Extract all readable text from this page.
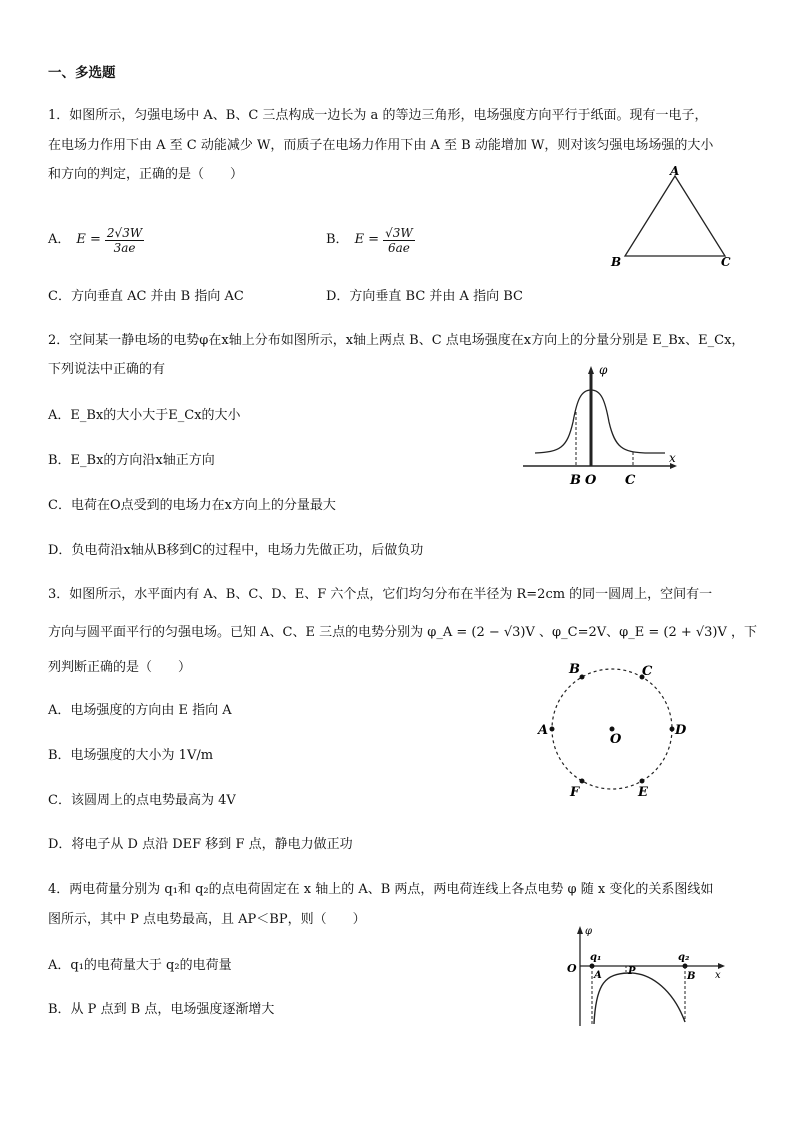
一、多选题
1．如图所示，匀强电场中 A、B、C 三点构成一边长为 a 的等边三角形，电场强度方向平行于纸面。现有一电子，
在电场力作用下由 A 至 C 动能减少 W，而质子在电场力作用下由 A 至 B 动能增加 W，则对该匀强电场场强的大小
和方向的判定，正确的是（　　）
A． $E = \frac{2√3W}{3ae}$	B． $E = \frac{√3W}{6ae}$
C．方向垂直 AC 并由 B 指向 AC	D．方向垂直 BC 并由 A 指向 BC
A
B	C
2．空间某一静电场的电势φ在x轴上分布如图所示，x轴上两点 B、C 点电场强度在x方向上的分量分别是 E_Bx、E_Cx，
下列说法中正确的有
A．E_Bx的大小大于E_Cx的大小
B．E_Bx的方向沿x轴正方向
C．电荷在O点受到的电场力在x方向上的分量最大
D．负电荷沿x轴从B移到C的过程中，电场力先做正功，后做负功
φ
x
B O C
3．如图所示，水平面内有 A、B、C、D、E、F 六个点，它们均匀分布在半径为 R=2cm 的同一圆周上，空间有一
方向与圆平面平行的匀强电场。已知 A、C、E 三点的电势分别为 φ_A = (2 − √3)V 、φ_C=2V、φ_E = (2 + √3)V ，下
列判断正确的是（　　）
A．电场强度的方向由 E 指向 A
B．电场强度的大小为 1V/m
C．该圆周上的点电势最高为 4V
D．将电子从 D 点沿 DEF 移到 F 点，静电力做正功
B	C
A
O
D
F	E
4．两电荷量分别为 q₁和 q₂的点电荷固定在 x 轴上的 A、B 两点，两电荷连线上各点电势 φ 随 x 变化的关系图线如
图所示，其中 P 点电势最高，且 AP＜BP，则（　　）
A．q₁的电荷量大于 q₂的电荷量
B．从 P 点到 B 点，电场强度逐渐增大
φ
O
q₁
A	P
q₂
B x
